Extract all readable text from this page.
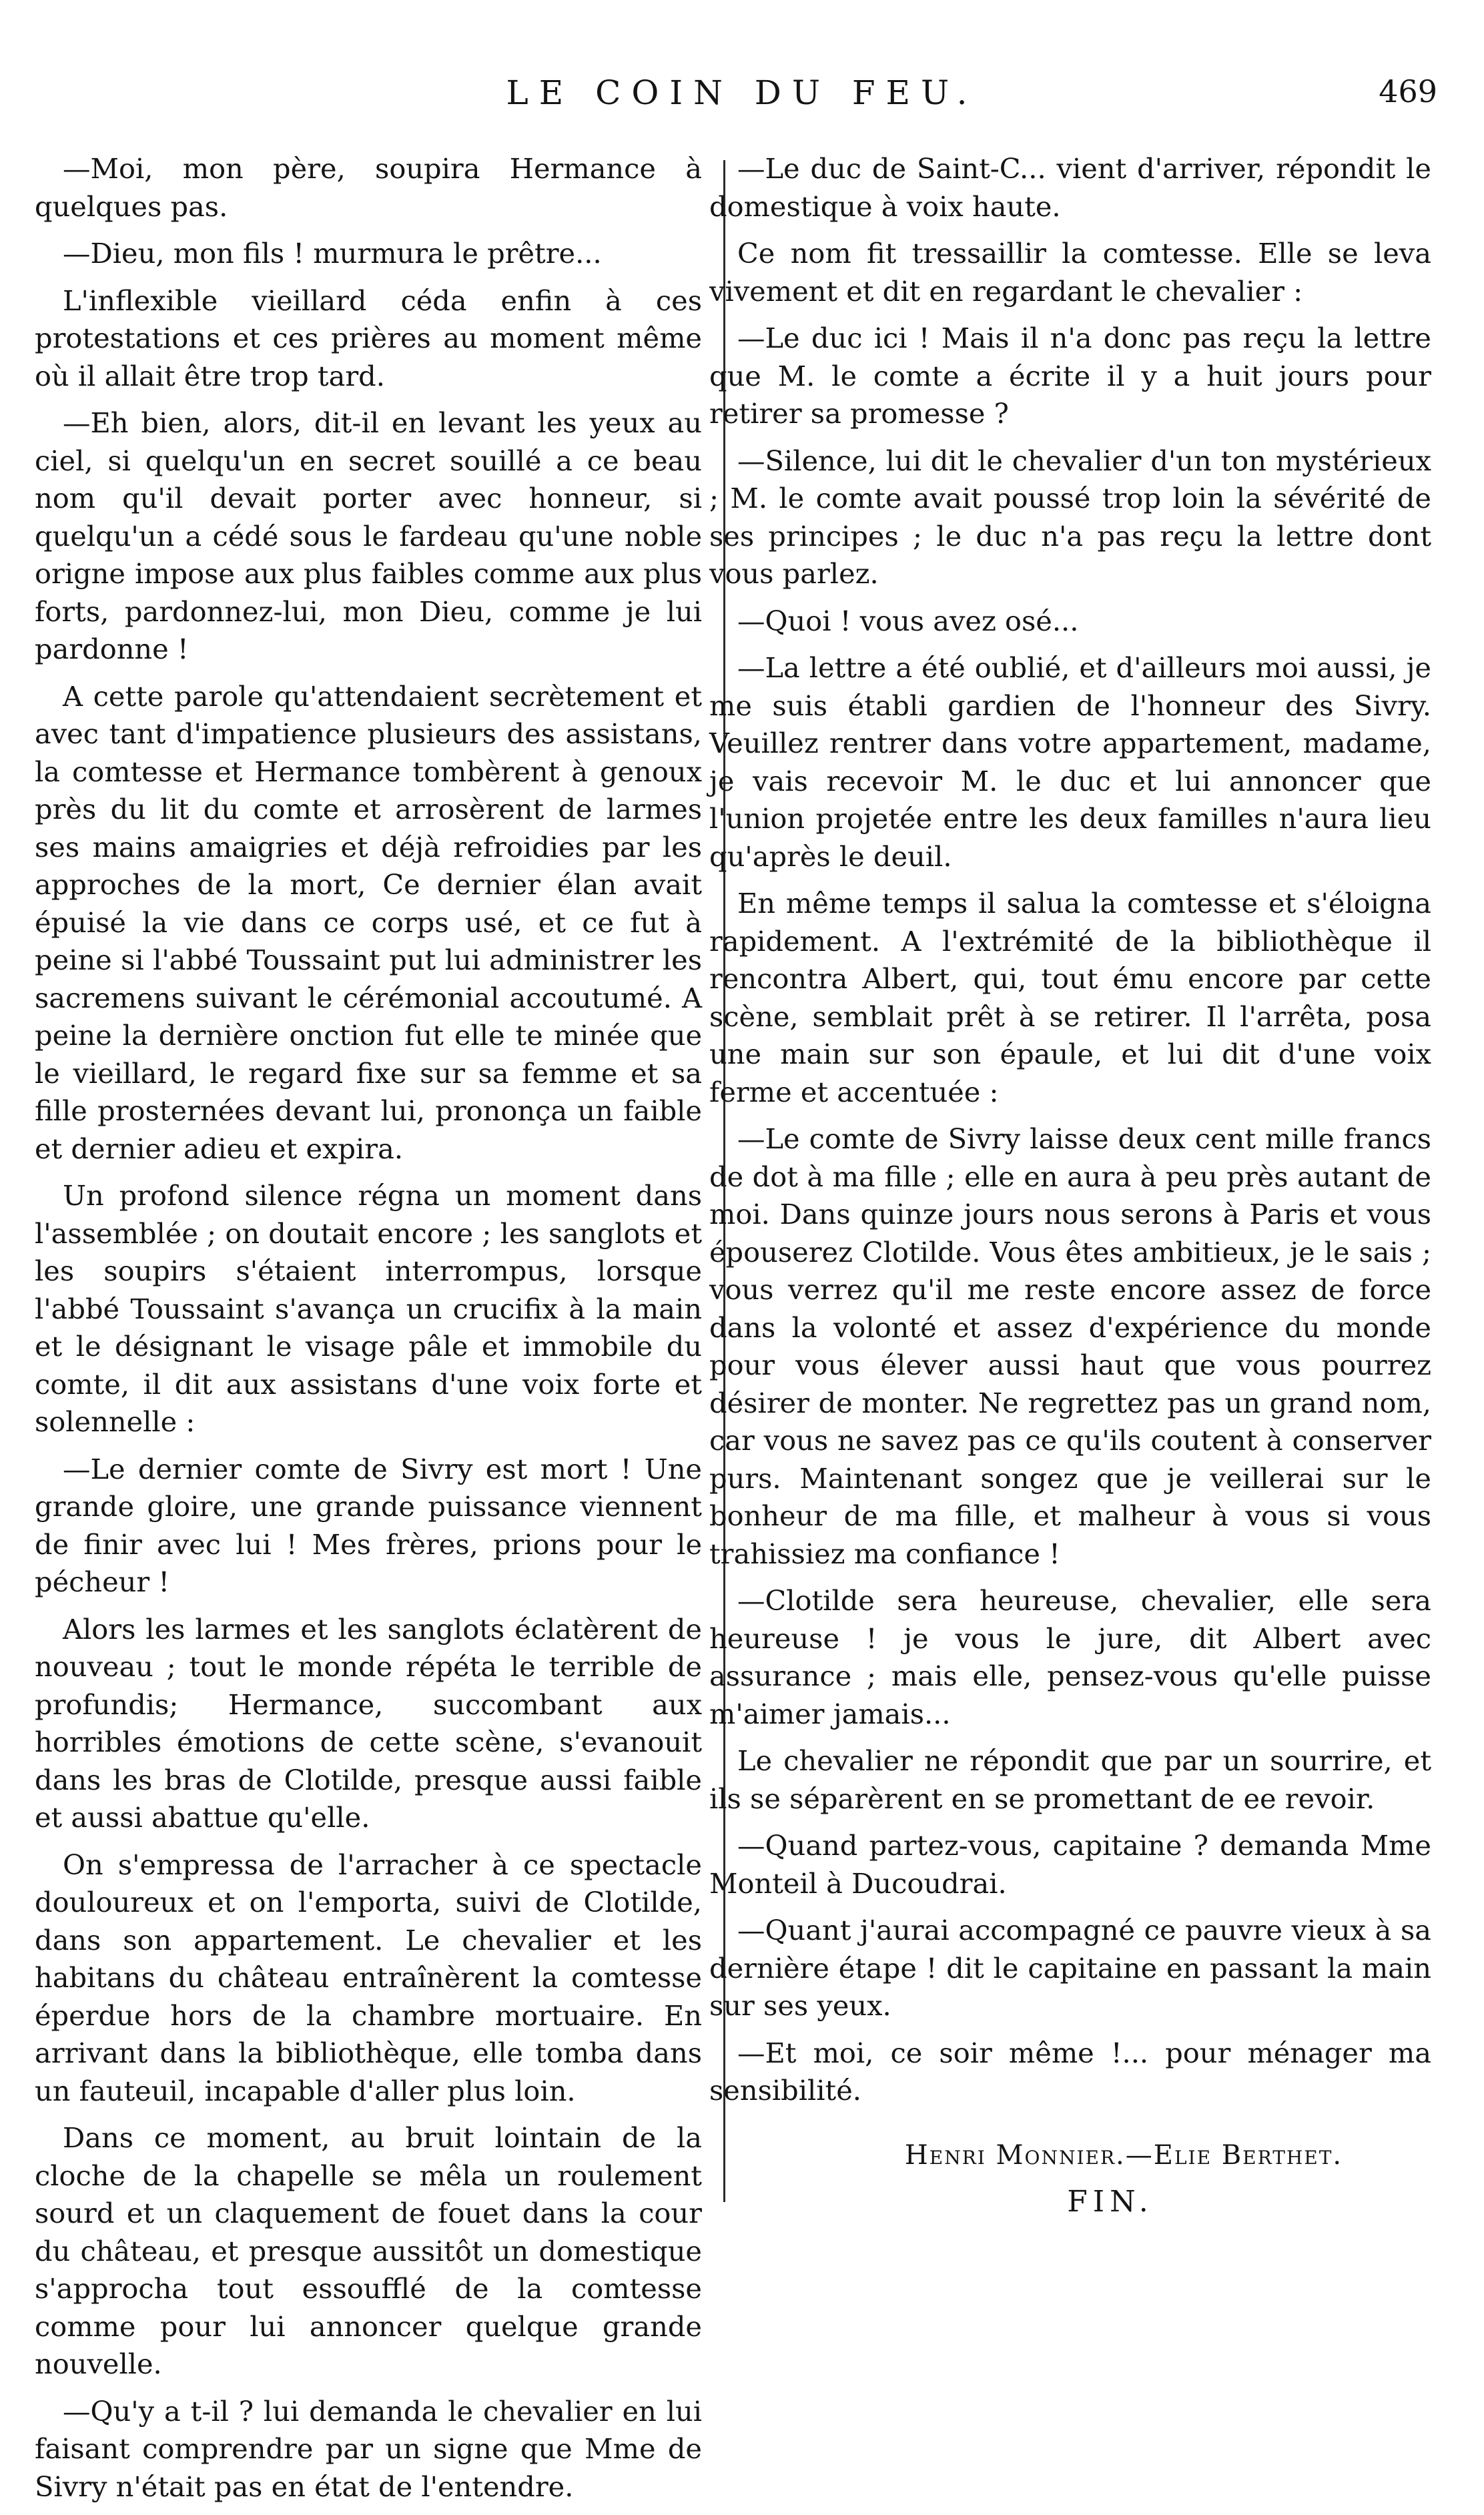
LE COIN DU FEU.	469

—Moi, mon père, soupira Hermance à quelques pas.

—Dieu, mon fils ! murmura le prêtre...

L'inflexible vieillard céda enfin à ces protestations et ces prières au moment même où il allait être trop tard.

—Eh bien, alors, dit-il en levant les yeux au ciel, si quelqu'un en secret souillé a ce beau nom qu'il devait porter avec honneur, si quelqu'un a cédé sous le fardeau qu'une noble origne impose aux plus faibles comme aux plus forts, pardonnez-lui, mon Dieu, comme je lui pardonne !

A cette parole qu'attendaient secrètement et avec tant d'impatience plusieurs des assistans, la comtesse et Hermance tombèrent à genoux près du lit du comte et arrosèrent de larmes ses mains amaigries et déjà refroidies par les approches de la mort, Ce dernier élan avait épuisé la vie dans ce corps usé, et ce fut à peine si l'abbé Toussaint put lui administrer les sacremens suivant le cérémonial accoutumé. A peine la dernière onction fut elle te minée que le vieillard, le regard fixe sur sa femme et sa fille prosternées devant lui, prononça un faible et dernier adieu et expira.

Un profond silence régna un moment dans l'assemblée ; on doutait encore ; les sanglots et les soupirs s'étaient interrompus, lorsque l'abbé Toussaint s'avança un crucifix à la main et le désignant le visage pâle et immobile du comte, il dit aux assistans d'une voix forte et solennelle :

—Le dernier comte de Sivry est mort ! Une grande gloire, une grande puissance viennent de finir avec lui ! Mes frères, prions pour le pécheur !

Alors les larmes et les sanglots éclatèrent de nouveau ; tout le monde répéta le terrible de profundis; Hermance, succombant aux horribles émotions de cette scène, s'evanouit dans les bras de Clotilde, presque aussi faible et aussi abattue qu'elle.

On s'empressa de l'arracher à ce spectacle douloureux et on l'emporta, suivi de Clotilde, dans son appartement. Le chevalier et les habitans du château entraînèrent la comtesse éperdue hors de la chambre mortuaire. En arrivant dans la bibliothèque, elle tomba dans un fauteuil, incapable d'aller plus loin.

Dans ce moment, au bruit lointain de la cloche de la chapelle se mêla un roulement sourd et un claquement de fouet dans la cour du château, et presque aussitôt un domestique s'approcha tout essoufflé de la comtesse comme pour lui annoncer quelque grande nouvelle.

—Qu'y a t-il ? lui demanda le chevalier en lui faisant comprendre par un signe que Mme de Sivry n'était pas en état de l'entendre.

—Le duc de Saint-C... vient d'arriver, répondit le domestique à voix haute.

Ce nom fit tressaillir la comtesse. Elle se leva vivement et dit en regardant le chevalier :

—Le duc ici ! Mais il n'a donc pas reçu la lettre que M. le comte a écrite il y a huit jours pour retirer sa promesse ?

—Silence, lui dit le chevalier d'un ton mystérieux ; M. le comte avait poussé trop loin la sévérité de ses principes ; le duc n'a pas reçu la lettre dont vous parlez.

—Quoi ! vous avez osé...

—La lettre a été oublié, et d'ailleurs moi aussi, je me suis établi gardien de l'honneur des Sivry. Veuillez rentrer dans votre appartement, madame, je vais recevoir M. le duc et lui annoncer que l'union projetée entre les deux familles n'aura lieu qu'après le deuil.

En même temps il salua la comtesse et s'éloigna rapidement. A l'extrémité de la bibliothèque il rencontra Albert, qui, tout ému encore par cette scène, semblait prêt à se retirer. Il l'arrêta, posa une main sur son épaule, et lui dit d'une voix ferme et accentuée :

—Le comte de Sivry laisse deux cent mille francs de dot à ma fille ; elle en aura à peu près autant de moi. Dans quinze jours nous serons à Paris et vous épouserez Clotilde. Vous êtes ambitieux, je le sais ; vous verrez qu'il me reste encore assez de force dans la volonté et assez d'expérience du monde pour vous élever aussi haut que vous pourrez désirer de monter. Ne regrettez pas un grand nom, car vous ne savez pas ce qu'ils coutent à conserver purs. Maintenant songez que je veillerai sur le bonheur de ma fille, et malheur à vous si vous trahissiez ma confiance !

—Clotilde sera heureuse, chevalier, elle sera heureuse ! je vous le jure, dit Albert avec assurance ; mais elle, pensez-vous qu'elle puisse m'aimer jamais...

Le chevalier ne répondit que par un sourrire, et ils se séparèrent en se promettant de ee revoir.

—Quand partez-vous, capitaine ? demanda Mme Monteil à Ducoudrai.

—Quant j'aurai accompagné ce pauvre vieux à sa dernière étape ! dit le capitaine en passant la main sur ses yeux.

—Et moi, ce soir même !... pour ménager ma sensibilité.

Henri Monnier.—Elie Berthet.
FIN.
